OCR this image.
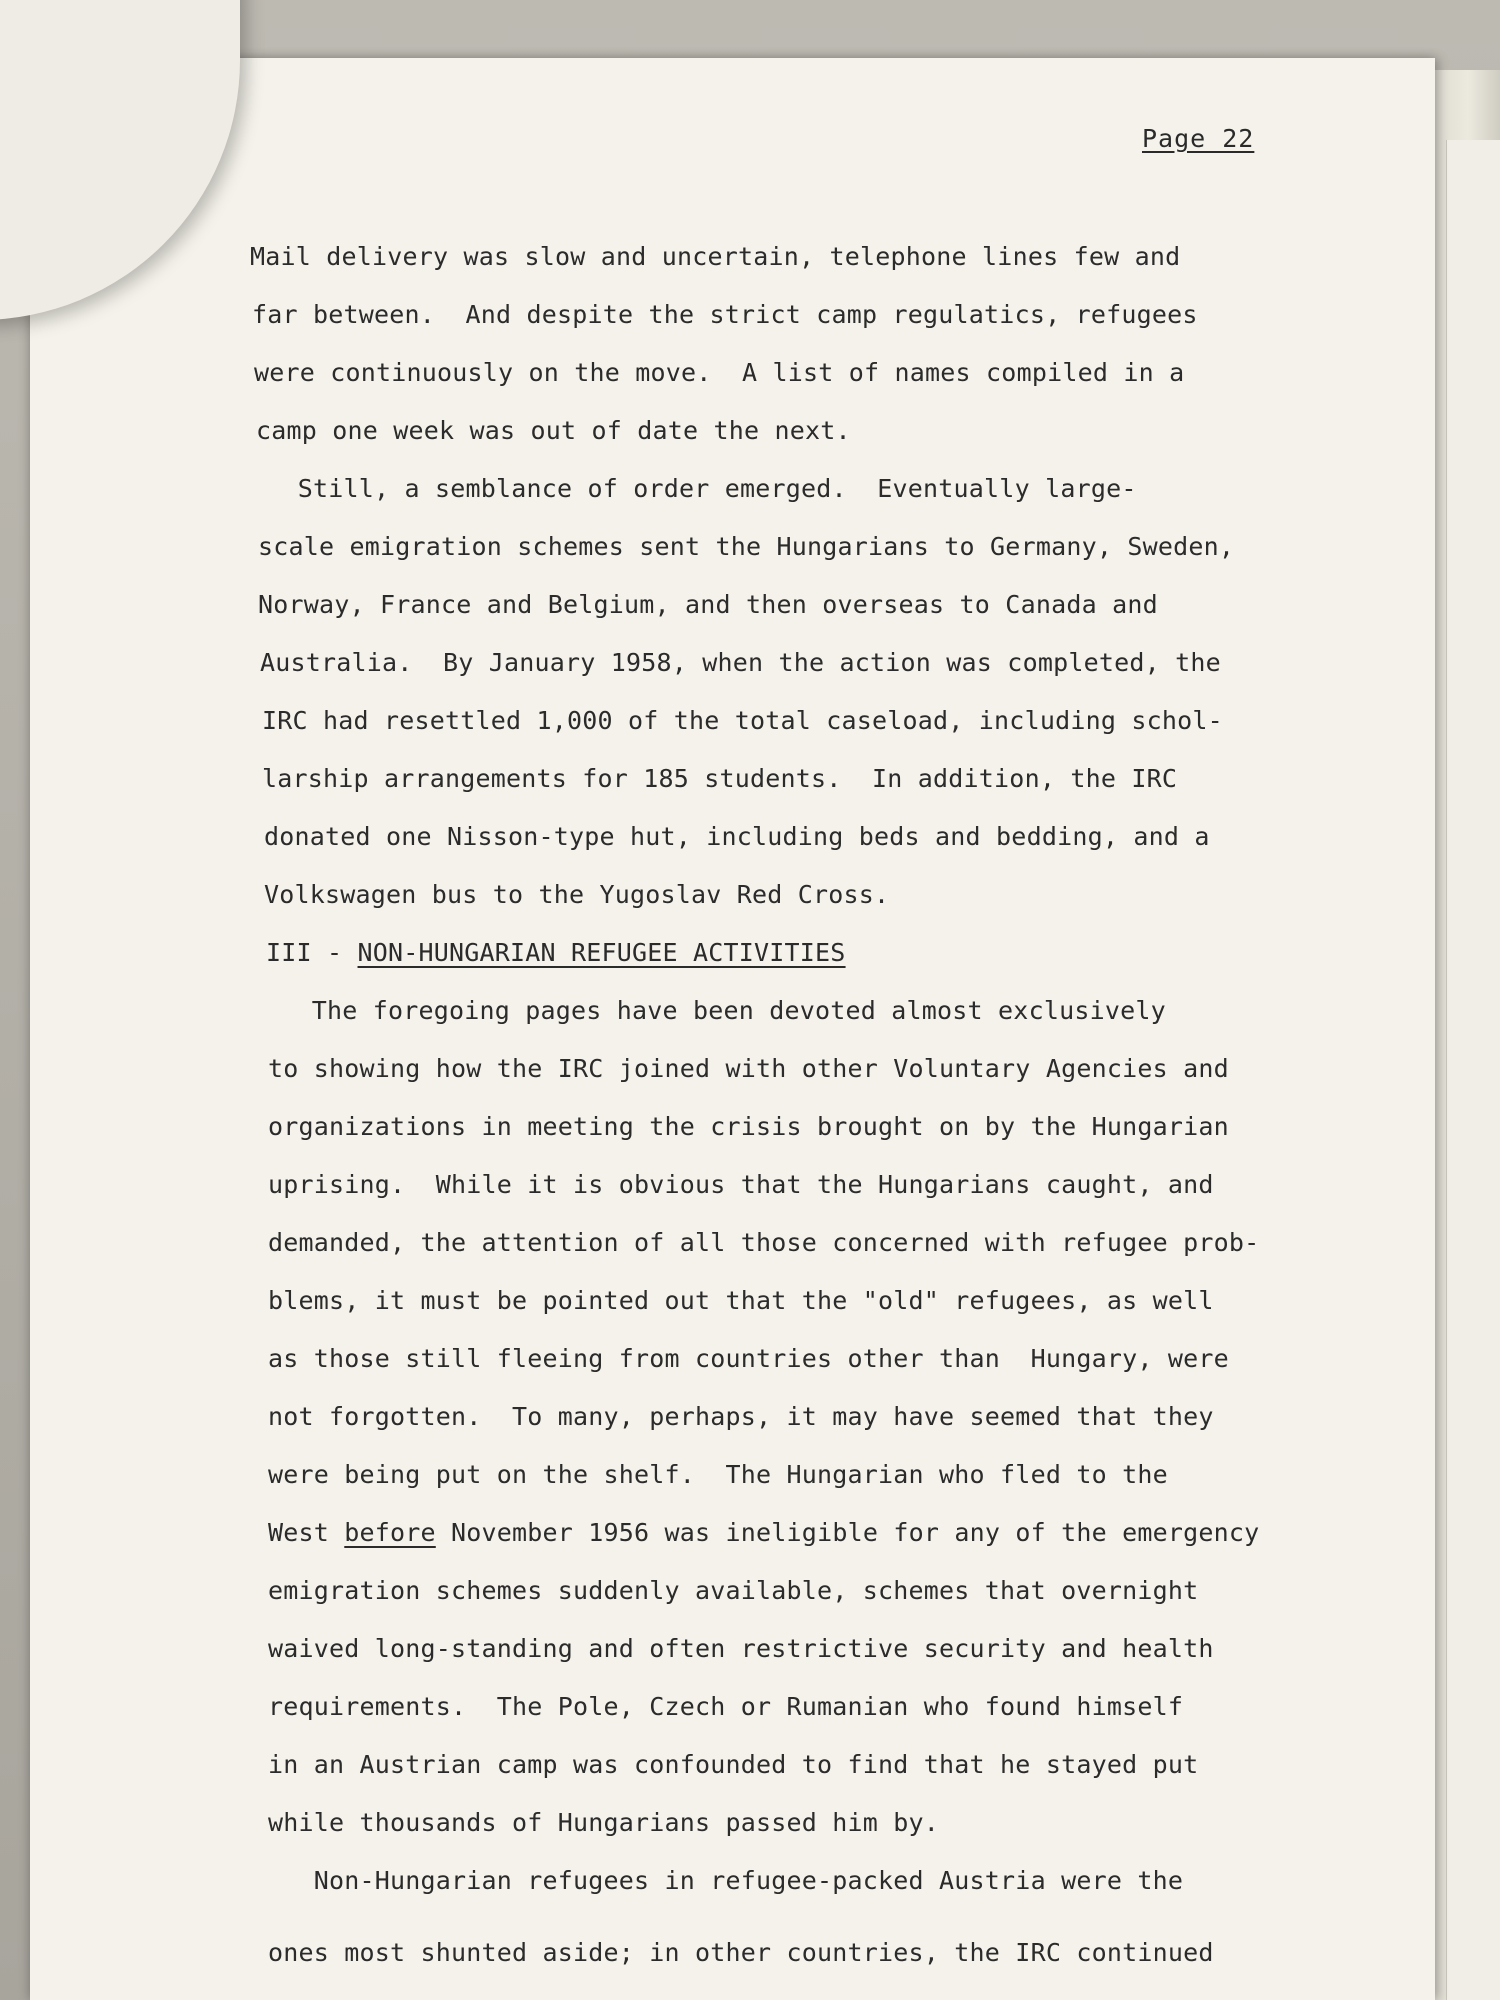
Page 22
Mail delivery was slow and uncertain, telephone lines few and
far between.  And despite the strict camp regulatics, refugees
were continuously on the move.  A list of names compiled in a
camp one week was out of date the next.
Still, a semblance of order emerged.  Eventually large-
scale emigration schemes sent the Hungarians to Germany, Sweden,
Norway, France and Belgium, and then overseas to Canada and
Australia.  By January 1958, when the action was completed, the
IRC had resettled 1,000 of the total caseload, including schol-
larship arrangements for 185 students.  In addition, the IRC
donated one Nisson-type hut, including beds and bedding, and a
Volkswagen bus to the Yugoslav Red Cross.
III - NON-HUNGARIAN REFUGEE ACTIVITIES
The foregoing pages have been devoted almost exclusively
to showing how the IRC joined with other Voluntary Agencies and
organizations in meeting the crisis brought on by the Hungarian
uprising.  While it is obvious that the Hungarians caught, and
demanded, the attention of all those concerned with refugee prob-
blems, it must be pointed out that the "old" refugees, as well
as those still fleeing from countries other than  Hungary, were
not forgotten.  To many, perhaps, it may have seemed that they
were being put on the shelf.  The Hungarian who fled to the
West before November 1956 was ineligible for any of the emergency
emigration schemes suddenly available, schemes that overnight
waived long-standing and often restrictive security and health
requirements.  The Pole, Czech or Rumanian who found himself
in an Austrian camp was confounded to find that he stayed put
while thousands of Hungarians passed him by.
Non-Hungarian refugees in refugee-packed Austria were the
ones most shunted aside; in other countries, the IRC continued
